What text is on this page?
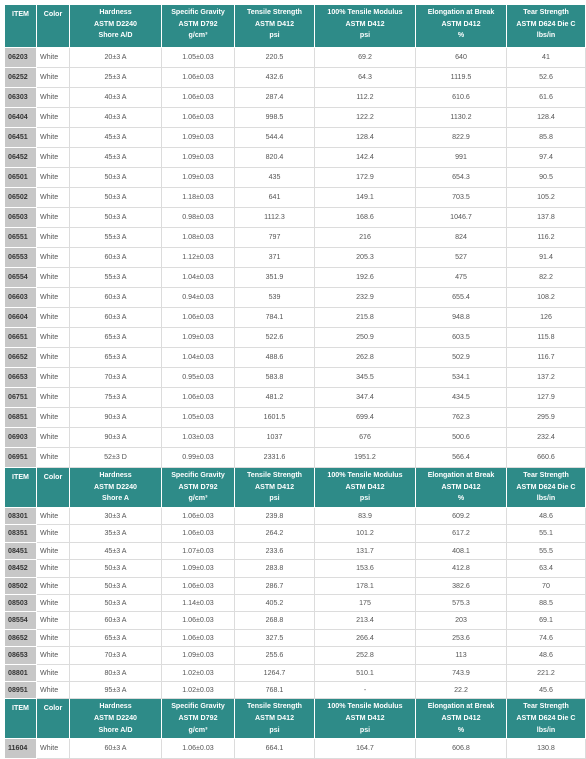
ITEM	Color	Hardness
ASTM D2240
Shore A/D	Specific Gravity
ASTM D792
g/cm³	Tensile Strength
ASTM D412
psi	100% Tensile Modulus
ASTM D412
psi	Elongation at Break
ASTM D412
%	Tear Strength
ASTM D624 Die C
lbs/in
06203	White	20±3 A	1.05±0.03	220.5	69.2	640	41
06252	White	25±3 A	1.06±0.03	432.6	64.3	1119.5	52.6
06303	White	40±3 A	1.06±0.03	287.4	112.2	610.6	61.6
06404	White	40±3 A	1.06±0.03	998.5	122.2	1130.2	128.4
06451	White	45±3 A	1.09±0.03	544.4	128.4	822.9	85.8
06452	White	45±3 A	1.09±0.03	820.4	142.4	991	97.4
06501	White	50±3 A	1.09±0.03	435	172.9	654.3	90.5
06502	White	50±3 A	1.18±0.03	641	149.1	703.5	105.2
06503	White	50±3 A	0.98±0.03	1112.3	168.6	1046.7	137.8
06551	White	55±3 A	1.08±0.03	797	216	824	116.2
06553	White	60±3 A	1.12±0.03	371	205.3	527	91.4
06554	White	55±3 A	1.04±0.03	351.9	192.6	475	82.2
06603	White	60±3 A	0.94±0.03	539	232.9	655.4	108.2
06604	White	60±3 A	1.06±0.03	784.1	215.8	948.8	126
06651	White	65±3 A	1.09±0.03	522.6	250.9	603.5	115.8
06652	White	65±3 A	1.04±0.03	488.6	262.8	502.9	116.7
06653	White	70±3 A	0.95±0.03	583.8	345.5	534.1	137.2
06751	White	75±3 A	1.06±0.03	481.2	347.4	434.5	127.9
06851	White	90±3 A	1.05±0.03	1601.5	699.4	762.3	295.9
06903	White	90±3 A	1.03±0.03	1037	676	500.6	232.4
06951	White	52±3 D	0.99±0.03	2331.6	1951.2	566.4	660.6
ITEM	Color	Hardness
ASTM D2240
Shore A	Specific Gravity
ASTM D792
g/cm³	Tensile Strength
ASTM D412
psi	100% Tensile Modulus
ASTM D412
psi	Elongation at Break
ASTM D412
%	Tear Strength
ASTM D624 Die C
lbs/in
08301	White	30±3 A	1.06±0.03	239.8	83.9	609.2	48.6
08351	White	35±3 A	1.06±0.03	264.2	101.2	617.2	55.1
08451	White	45±3 A	1.07±0.03	233.6	131.7	408.1	55.5
08452	White	50±3 A	1.09±0.03	283.8	153.6	412.8	63.4
08502	White	50±3 A	1.06±0.03	286.7	178.1	382.6	70
08503	White	50±3 A	1.14±0.03	405.2	175	575.3	88.5
08554	White	60±3 A	1.06±0.03	268.8	213.4	203	69.1
08652	White	65±3 A	1.06±0.03	327.5	266.4	253.6	74.6
08653	White	70±3 A	1.09±0.03	255.6	252.8	113	48.6
08801	White	80±3 A	1.02±0.03	1264.7	510.1	743.9	221.2
08951	White	95±3 A	1.02±0.03	768.1	-	22.2	45.6
ITEM	Color	Hardness
ASTM D2240
Shore A/D	Specific Gravity
ASTM D792
g/cm³	Tensile Strength
ASTM D412
psi	100% Tensile Modulus
ASTM D412
psi	Elongation at Break
ASTM D412
%	Tear Strength
ASTM D624 Die C
lbs/in
11604	White	60±3 A	1.06±0.03	664.1	164.7	606.8	130.8
